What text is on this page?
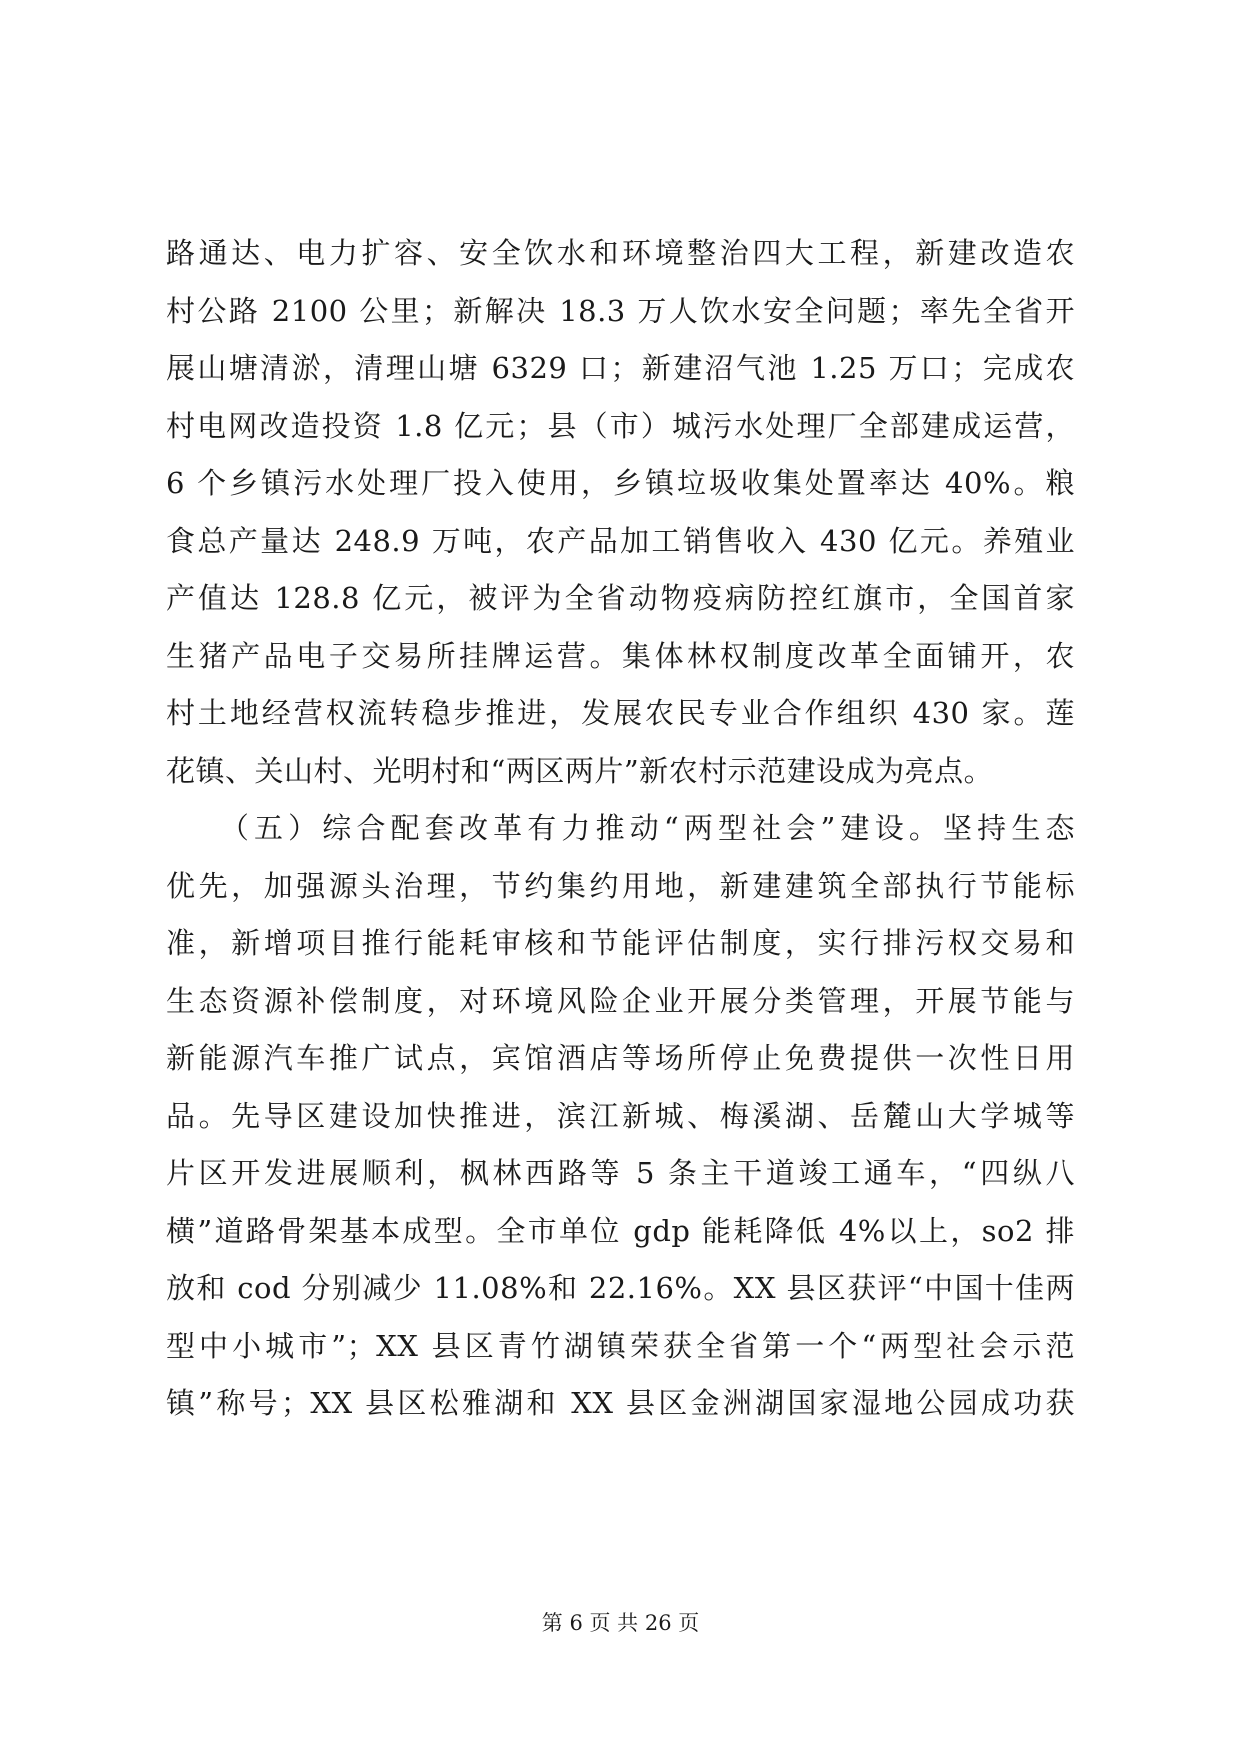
路通达、电力扩容、安全饮水和环境整治四大工程，新建改造农
村公路 2100 公里；新解决 18.3 万人饮水安全问题；率先全省开
展山塘清淤，清理山塘 6329 口；新建沼气池 1.25 万口；完成农
村电网改造投资 1.8 亿元；县（市）城污水处理厂全部建成运营，
6 个乡镇污水处理厂投入使用，乡镇垃圾收集处置率达 40%。粮
食总产量达 248.9 万吨，农产品加工销售收入 430 亿元。养殖业
产值达 128.8 亿元，被评为全省动物疫病防控红旗市，全国首家
生猪产品电子交易所挂牌运营。集体林权制度改革全面铺开，农
村土地经营权流转稳步推进，发展农民专业合作组织 430 家。莲
花镇、关山村、光明村和“两区两片”新农村示范建设成为亮点。
　　（五）综合配套改革有力推动“两型社会”建设。坚持生态
优先，加强源头治理，节约集约用地，新建建筑全部执行节能标
准，新增项目推行能耗审核和节能评估制度，实行排污权交易和
生态资源补偿制度，对环境风险企业开展分类管理，开展节能与
新能源汽车推广试点，宾馆酒店等场所停止免费提供一次性日用
品。先导区建设加快推进，滨江新城、梅溪湖、岳麓山大学城等
片区开发进展顺利，枫林西路等 5 条主干道竣工通车，“四纵八
横”道路骨架基本成型。全市单位 gdp 能耗降低 4%以上，so2 排
放和 cod 分别减少 11.08%和 22.16%。XX 县区获评“中国十佳两
型中小城市”；XX 县区青竹湖镇荣获全省第一个“两型社会示范
镇”称号；XX 县区松雅湖和 XX 县区金洲湖国家湿地公园成功获
第 6 页 共 26 页
